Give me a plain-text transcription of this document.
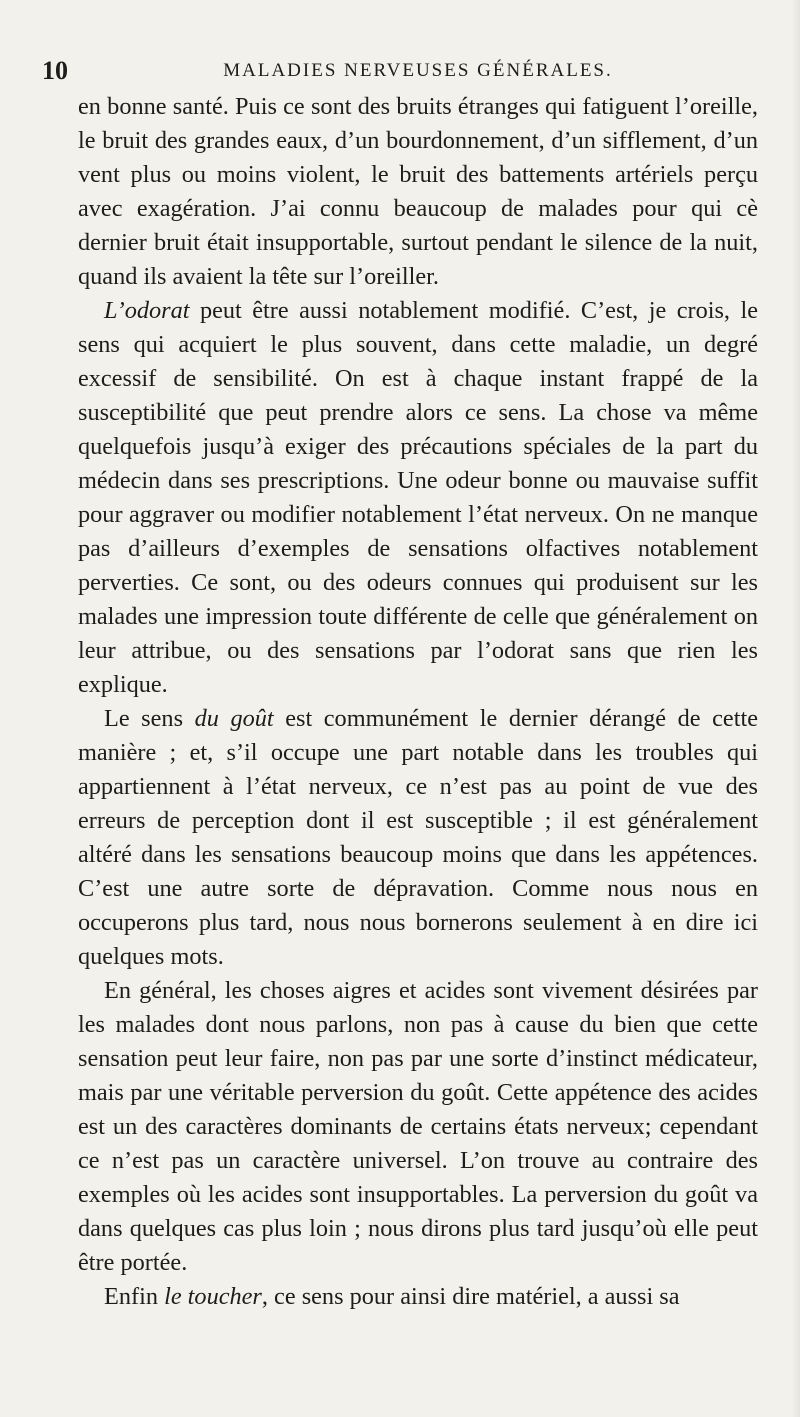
10	MALADIES NERVEUSES GÉNÉRALES.

en bonne santé. Puis ce sont des bruits étranges qui fatiguent l’oreille, le bruit des grandes eaux, d’un bourdonnement, d’un sifflement, d’un vent plus ou moins violent, le bruit des battements artériels perçu avec exagération. J’ai connu beaucoup de malades pour qui cè dernier bruit était insupportable, surtout pendant le silence de la nuit, quand ils avaient la tête sur l’oreiller.

L’odorat peut être aussi notablement modifié. C’est, je crois, le sens qui acquiert le plus souvent, dans cette maladie, un degré excessif de sensibilité. On est à chaque instant frappé de la susceptibilité que peut prendre alors ce sens. La chose va même quelquefois jusqu’à exiger des précautions spéciales de la part du médecin dans ses prescriptions. Une odeur bonne ou mauvaise suffit pour aggraver ou modifier notablement l’état nerveux. On ne manque pas d’ailleurs d’exemples de sensations olfactives notablement perverties. Ce sont, ou des odeurs connues qui produisent sur les malades une impression toute différente de celle que généralement on leur attribue, ou des sensations par l’odorat sans que rien les explique.

Le sens du goût est communément le dernier dérangé de cette manière ; et, s’il occupe une part notable dans les troubles qui appartiennent à l’état nerveux, ce n’est pas au point de vue des erreurs de perception dont il est susceptible ; il est généralement altéré dans les sensations beaucoup moins que dans les appétences. C’est une autre sorte de dépravation. Comme nous nous en occuperons plus tard, nous nous bornerons seulement à en dire ici quelques mots.

En général, les choses aigres et acides sont vivement désirées par les malades dont nous parlons, non pas à cause du bien que cette sensation peut leur faire, non pas par une sorte d’instinct médicateur, mais par une véritable perversion du goût. Cette appétence des acides est un des caractères dominants de certains états nerveux; cependant ce n’est pas un caractère universel. L’on trouve au contraire des exemples où les acides sont insupportables. La perversion du goût va dans quelques cas plus loin ; nous dirons plus tard jusqu’où elle peut être portée.

Enfin le toucher, ce sens pour ainsi dire matériel, a aussi sa
